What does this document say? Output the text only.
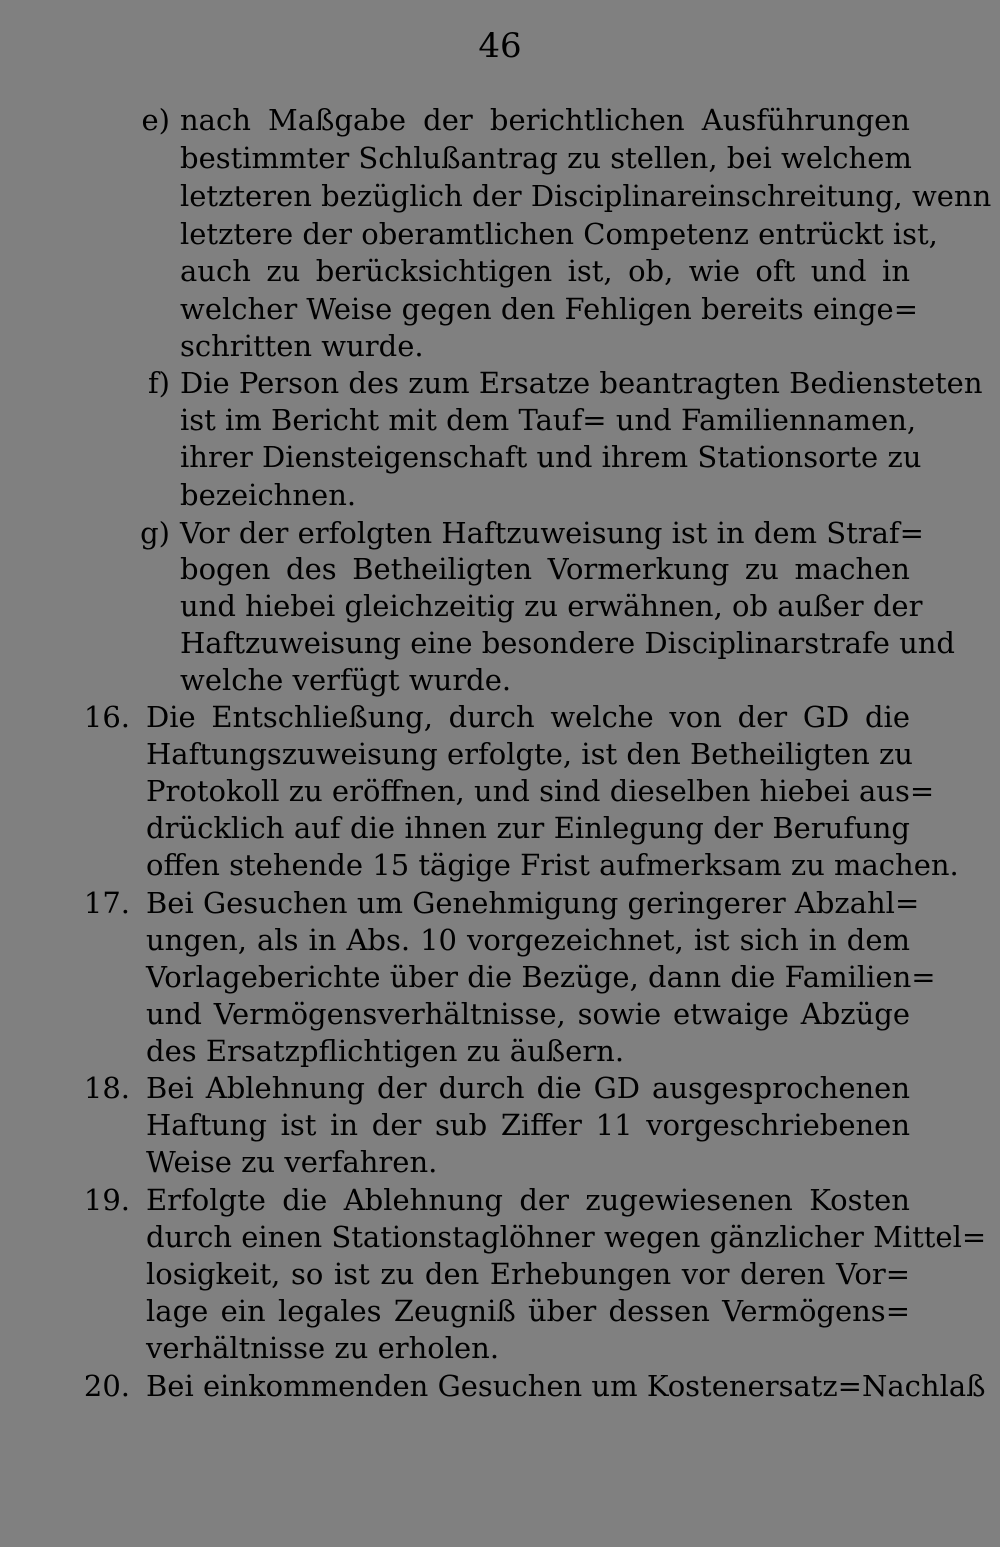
46
e) nach Maßgabe der berichtlichen Ausführungen
bestimmter Schlußantrag zu stellen, bei welchem
letzteren bezüglich der Disciplinareinschreitung, wenn
letztere der oberamtlichen Competenz entrückt ist,
auch zu berücksichtigen ist, ob, wie oft und in
welcher Weise gegen den Fehligen bereits einge=
schritten wurde.
f) Die Person des zum Ersatze beantragten Bediensteten
ist im Bericht mit dem Tauf= und Familiennamen,
ihrer Diensteigenschaft und ihrem Stationsorte zu
bezeichnen.
g) Vor der erfolgten Haftzuweisung ist in dem Straf=
bogen des Betheiligten Vormerkung zu machen
und hiebei gleichzeitig zu erwähnen, ob außer der
Haftzuweisung eine besondere Disciplinarstrafe und
welche verfügt wurde.
16. Die Entschließung, durch welche von der GD die
Haftungszuweisung erfolgte, ist den Betheiligten zu
Protokoll zu eröffnen, und sind dieselben hiebei aus=
drücklich auf die ihnen zur Einlegung der Berufung
offen stehende 15 tägige Frist aufmerksam zu machen.
17. Bei Gesuchen um Genehmigung geringerer Abzahl=
ungen, als in Abs. 10 vorgezeichnet, ist sich in dem
Vorlageberichte über die Bezüge, dann die Familien=
und Vermögensverhältnisse, sowie etwaige Abzüge
des Ersatzpflichtigen zu äußern.
18. Bei Ablehnung der durch die GD ausgesprochenen
Haftung ist in der sub Ziffer 11 vorgeschriebenen
Weise zu verfahren.
19. Erfolgte die Ablehnung der zugewiesenen Kosten
durch einen Stationstaglöhner wegen gänzlicher Mittel=
losigkeit, so ist zu den Erhebungen vor deren Vor=
lage ein legales Zeugniß über dessen Vermögens=
verhältnisse zu erholen.
20. Bei einkommenden Gesuchen um Kostenersatz=Nachlaß
